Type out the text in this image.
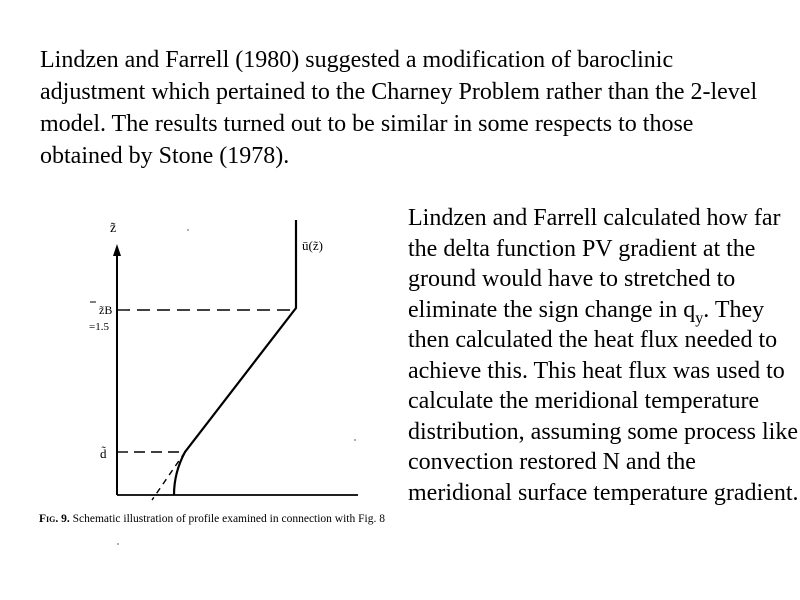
Lindzen and Farrell (1980) suggested a modification of baroclinic adjustment which pertained to the Charney Problem rather than the 2-level model. The results turned out to be similar in some respects to those obtained by Stone (1978).

Lindzen and Farrell calculated how far the delta function PV gradient at the ground would have to stretched to eliminate the sign change in $q_y$. They then calculated the heat flux needed to achieve this. This heat flux was used to calculate the meridional temperature distribution, assuming some process like convection restored N and the meridional surface temperature gradient.

z̃
ū(z̃)
z̃B
=1.5
d̃

Fig. 9. Schematic illustration of profile examined in connection with Fig. 8
